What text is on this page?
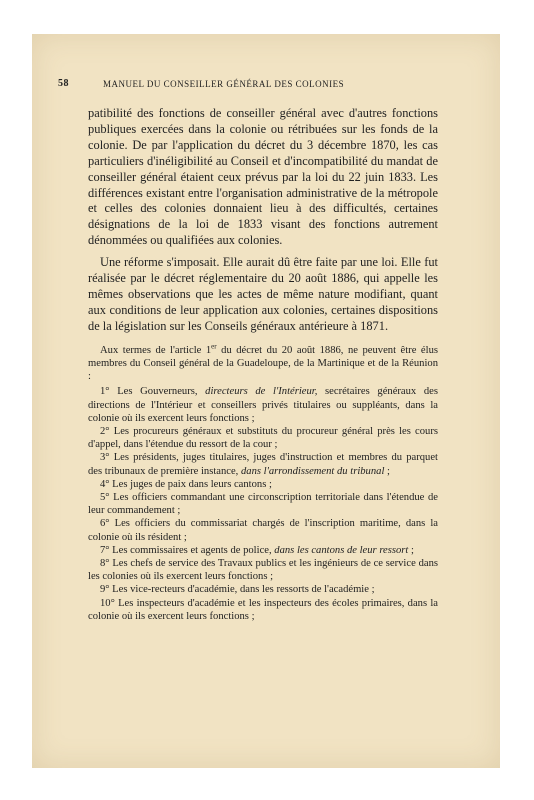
58	MANUEL DU CONSEILLER GÉNÉRAL DES COLONIES

patibilité des fonctions de conseiller général avec d'autres fonctions publiques exercées dans la colonie ou rétribuées sur les fonds de la colonie. De par l'application du décret du 3 décembre 1870, les cas particuliers d'inéligibilité au Conseil et d'incompatibilité du mandat de conseiller général étaient ceux prévus par la loi du 22 juin 1833. Les différences existant entre l'organisation administrative de la métropole et celles des colonies donnaient lieu à des difficultés, certaines désignations de la loi de 1833 visant des fonctions autrement dénommées ou qualifiées aux colonies.

Une réforme s'imposait. Elle aurait dû être faite par une loi. Elle fut réalisée par le décret réglementaire du 20 août 1886, qui appelle les mêmes observations que les actes de même nature modifiant, quant aux conditions de leur application aux colonies, certaines dispositions de la législation sur les Conseils généraux antérieure à 1871.

Aux termes de l'article 1er du décret du 20 août 1886, ne peuvent être élus membres du Conseil général de la Guadeloupe, de la Martinique et de la Réunion :

1° Les Gouverneurs, directeurs de l'Intérieur, secrétaires généraux des directions de l'Intérieur et conseillers privés titulaires ou suppléants, dans la colonie où ils exercent leurs fonctions ;

2° Les procureurs généraux et substituts du procureur général près les cours d'appel, dans l'étendue du ressort de la cour ;

3° Les présidents, juges titulaires, juges d'instruction et membres du parquet des tribunaux de première instance, dans l'arrondissement du tribunal ;

4° Les juges de paix dans leurs cantons ;

5° Les officiers commandant une circonscription territoriale dans l'étendue de leur commandement ;

6° Les officiers du commissariat chargés de l'inscription maritime, dans la colonie où ils résident ;

7° Les commissaires et agents de police, dans les cantons de leur ressort ;

8° Les chefs de service des Travaux publics et les ingénieurs de ce service dans les colonies où ils exercent leurs fonctions ;

9° Les vice-recteurs d'académie, dans les ressorts de l'académie ;

10° Les inspecteurs d'académie et les inspecteurs des écoles primaires, dans la colonie où ils exercent leurs fonctions ;
